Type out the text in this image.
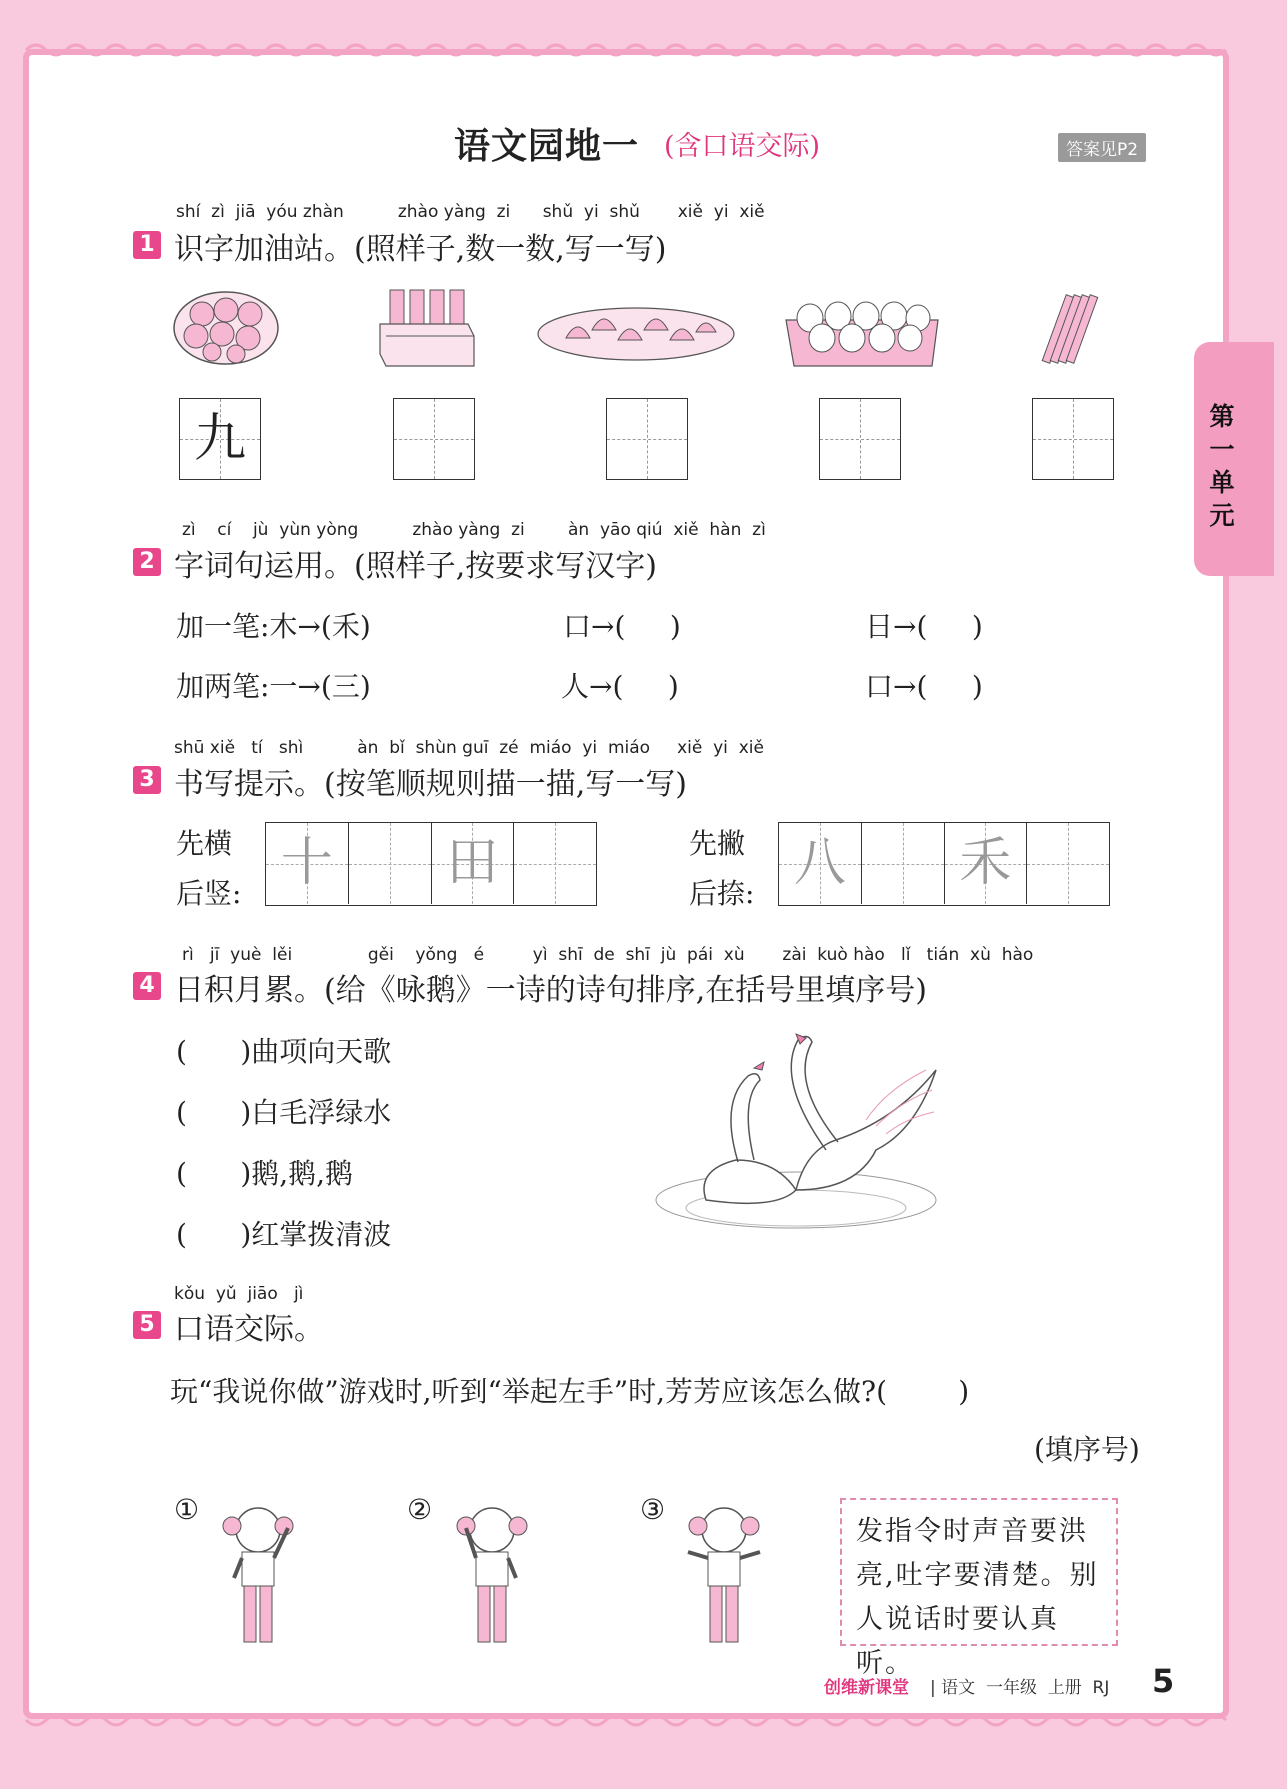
语文园地一 (含口语交际)	答案见P2
第一单元
shí  zì  jiā  yóu zhàn          zhào yàng  zi      shǔ  yi  shǔ       xiě  yi  xiě
1 识字加油站。(照样子,数一数,写一写)
九
zì    cí    jù  yùn yòng          zhào yàng  zi        àn  yāo qiú  xiě  hàn  zì
2 字词句运用。(照样子,按要求写汉字)
加一笔:木→(禾)	口→(     )	日→(     )
加两笔:一→(三)	人→(     )	口→(     )
shū xiě   tí   shì          àn  bǐ  shùn guī  zé  miáo  yi  miáo     xiě  yi  xiě
3 书写提示。(按笔顺规则描一描,写一写)
先横
后竖:
十 田	先撇
后捺:
八 禾
rì   jī  yuè  lěi              gěi    yǒng   é         yì  shī  de  shī  jù  pái  xù       zài  kuò hào   lǐ   tián  xù  hào
4 日积月累。(给《咏鹅》一诗的诗句排序,在括号里填序号)
(      )曲项向天歌
(      )白毛浮绿水
(      )鹅,鹅,鹅
(      )红掌拨清波
kǒu  yǔ  jiāo   jì
5 口语交际。
玩“我说你做”游戏时,听到“举起左手”时,芳芳应该怎么做?(        )
(填序号)
①	②	③
发指令时声音要洪亮,吐字要清楚。别人说话时要认真听。
创维新课堂 | 语文  一年级  上册  RJ 5
